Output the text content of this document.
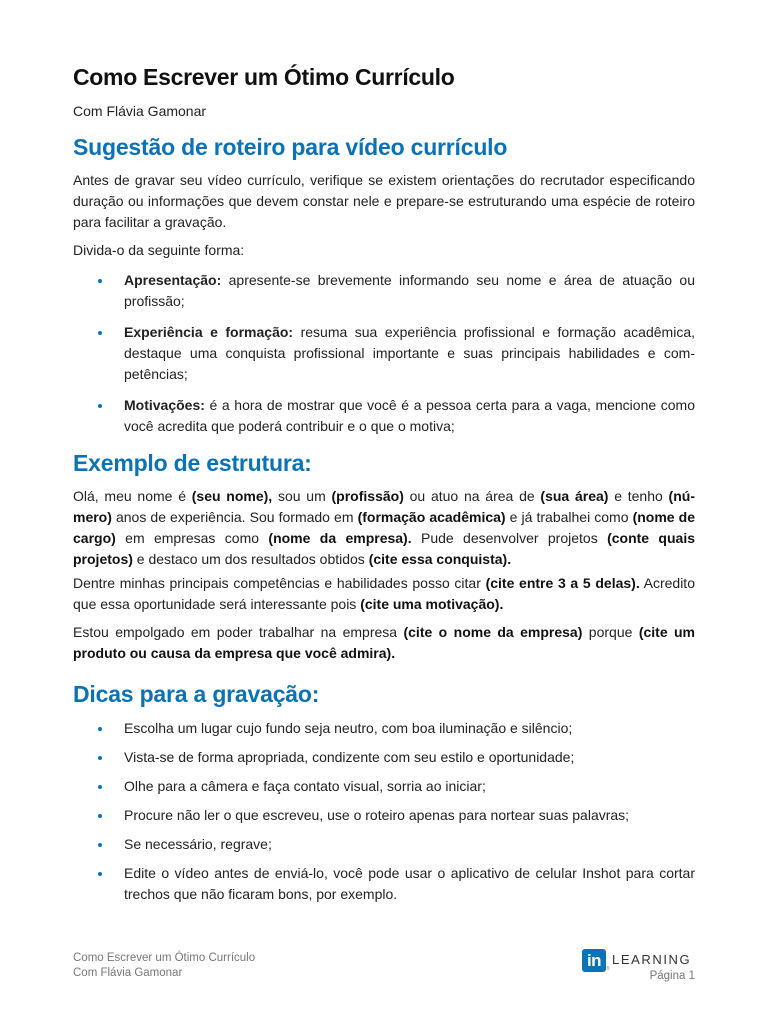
Como Escrever um Ótimo Currículo

Com Flávia Gamonar

Sugestão de roteiro para vídeo currículo

Antes de gravar seu vídeo currículo, verifique se existem orientações do recrutador especificando duração ou informações que devem constar nele e prepare-se estruturando uma espécie de roteiro para facilitar a gravação.

Divida-o da seguinte forma:

Apresentação: apresente-se brevemente informando seu nome e área de atuação ou profissão;
Experiência e formação: resuma sua experiência profissional e formação acadêmica, destaque uma conquista profissional importante e suas principais habilidades e competências;
Motivações: é a hora de mostrar que você é a pessoa certa para a vaga, mencione como você acredita que poderá contribuir e o que o motiva;
Exemplo de estrutura:

Olá, meu nome é (seu nome), sou um (profissão) ou atuo na área de (sua área) e tenho (número) anos de experiência. Sou formado em (formação acadêmica) e já trabalhei como (nome de cargo) em empresas como (nome da empresa). Pude desenvolver projetos (conte quais projetos) e destaco um dos resultados obtidos (cite essa conquista).

Dentre minhas principais competências e habilidades posso citar (cite entre 3 a 5 delas). Acredito que essa oportunidade será interessante pois (cite uma motivação).

Estou empolgado em poder trabalhar na empresa (cite o nome da empresa) porque (cite um produto ou causa da empresa que você admira).

Dicas para a gravação:
Escolha um lugar cujo fundo seja neutro, com boa iluminação e silêncio;
Vista-se de forma apropriada, condizente com seu estilo e oportunidade;
Olhe para a câmera e faça contato visual, sorria ao iniciar;
Procure não ler o que escreveu, use o roteiro apenas para nortear suas palavras;
Se necessário, regrave;
Edite o vídeo antes de enviá-lo, você pode usar o aplicativo de celular Inshot para cortar trechos que não ficaram bons, por exemplo.
Como Escrever um Ótimo Currículo
Com Flávia Gamonar
in ®
LEARNING
Página 1
